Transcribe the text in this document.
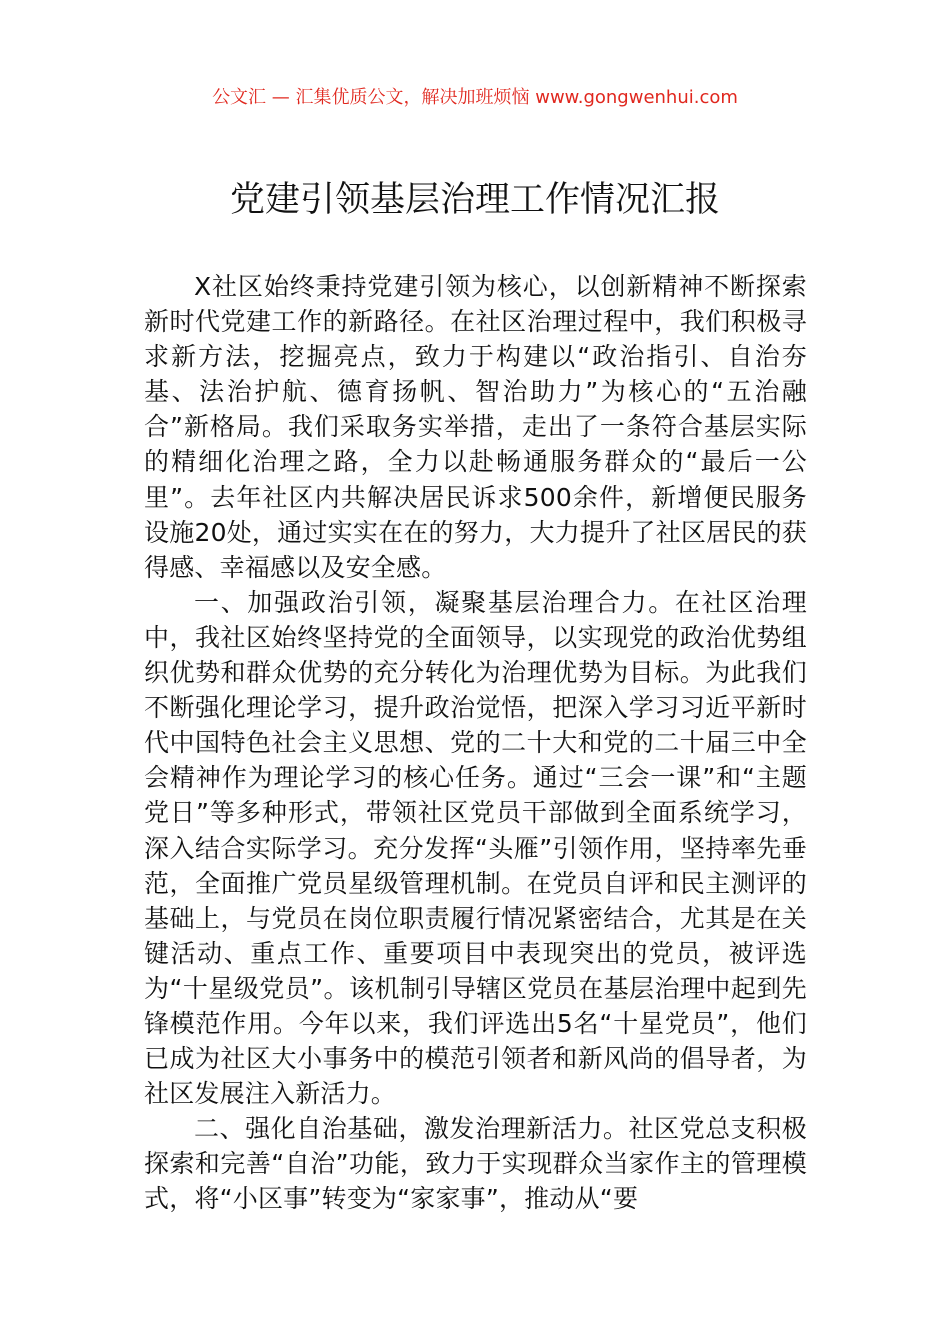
公文汇 — 汇集优质公文，解决加班烦恼 www.gongwenhui.com
党建引领基层治理工作情况汇报

X社区始终秉持党建引领为核心，以创新精神不断探索新时代党建工作的新路径。在社区治理过程中，我们积极寻求新方法，挖掘亮点，致力于构建以“政治指引、自治夯基、法治护航、德育扬帆、智治助力”为核心的“五治融合”新格局。我们采取务实举措，走出了一条符合基层实际的精细化治理之路，全力以赴畅通服务群众的“最后一公里”。去年社区内共解决居民诉求500余件，新增便民服务设施20处，通过实实在在的努力，大力提升了社区居民的获得感、幸福感以及安全感。

一、加强政治引领，凝聚基层治理合力。在社区治理中，我社区始终坚持党的全面领导，以实现党的政治优势组织优势和群众优势的充分转化为治理优势为目标。为此我们不断强化理论学习，提升政治觉悟，把深入学习习近平新时代中国特色社会主义思想、党的二十大和党的二十届三中全会精神作为理论学习的核心任务。通过“三会一课”和“主题党日”等多种形式，带领社区党员干部做到全面系统学习，深入结合实际学习。充分发挥“头雁”引领作用，坚持率先垂范，全面推广党员星级管理机制。在党员自评和民主测评的基础上，与党员在岗位职责履行情况紧密结合，尤其是在关键活动、重点工作、重要项目中表现突出的党员，被评选为“十星级党员”。该机制引导辖区党员在基层治理中起到先锋模范作用。今年以来，我们评选出5名“十星党员”，他们已成为社区大小事务中的模范引领者和新风尚的倡导者，为社区发展注入新活力。

二、强化自治基础，激发治理新活力。社区党总支积极探索和完善“自治”功能，致力于实现群众当家作主的管理模式，将“小区事”转变为“家家事”，推动从“要
